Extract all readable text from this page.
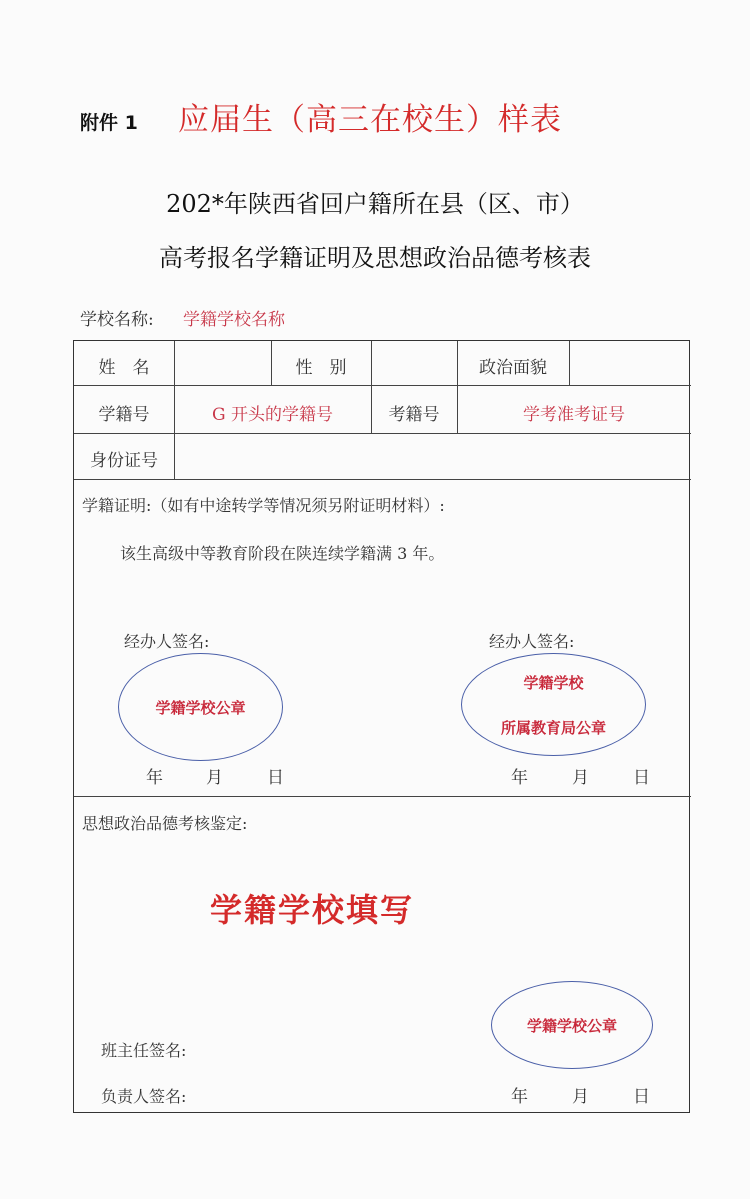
附件 1 应届生（高三在校生）样表
202*年陕西省回户籍所在县（区、市）
高考报名学籍证明及思想政治品德考核表
学校名称: 学籍学校名称
姓　名	性　别	政治面貌
学籍号	G 开头的学籍号	考籍号	学考准考证号
身份证号
学籍证明:（如有中途转学等情况须另附证明材料）:
该生高级中等教育阶段在陕连续学籍满 3 年。
经办人签名:	经办人签名:
学籍学校公章
学籍学校
所属教育局公章
年	月	日	年	月	日
思想政治品德考核鉴定:
学籍学校公章
班主任签名:
负责人签名:	年	月	日
学籍学校填写
